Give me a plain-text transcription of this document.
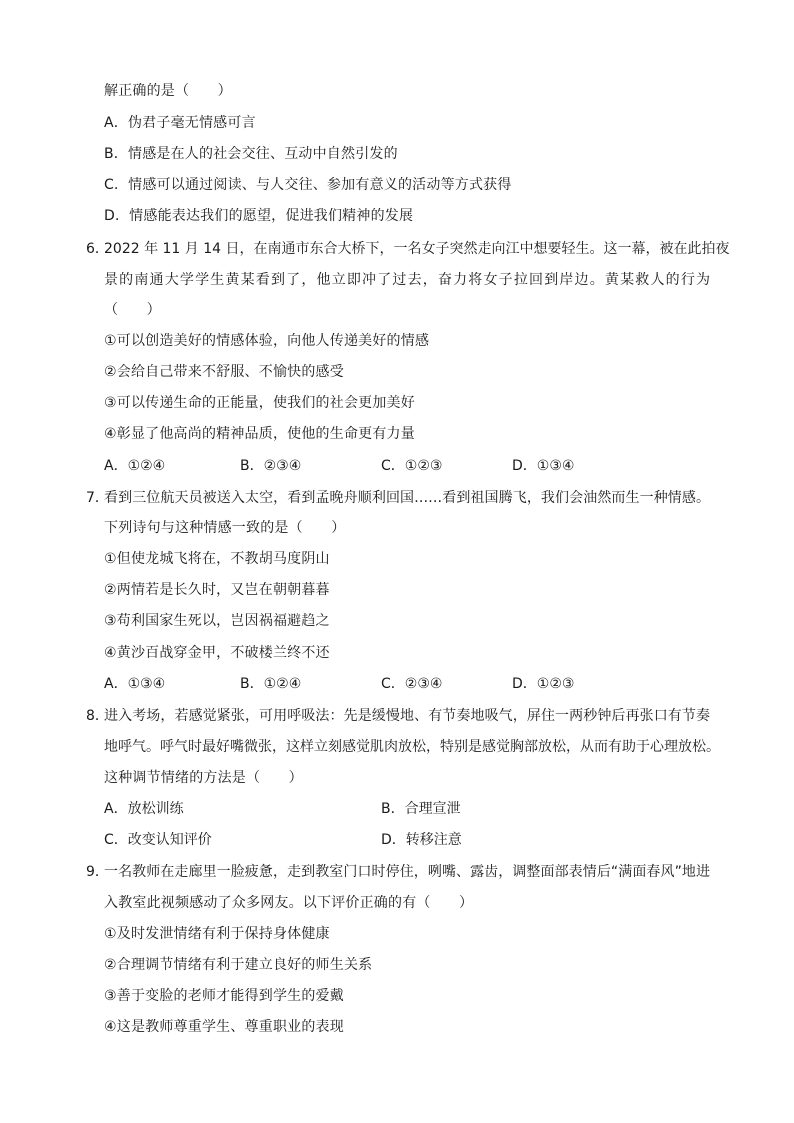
解正确的是（　　）
A．伪君子毫无情感可言
B．情感是在人的社会交往、互动中自然引发的
C．情感可以通过阅读、与人交往、参加有意义的活动等方式获得
D．情感能表达我们的愿望，促进我们精神的发展
6．
2022 年 11 月 14 日，在南通市东合大桥下，一名女子突然走向江中想要轻生。这一幕，被在此拍夜
景的南通大学学生黄某看到了，他立即冲了过去，奋力将女子拉回到岸边。黄某救人的行为
（　　）
①可以创造美好的情感体验，向他人传递美好的情感
②会给自己带来不舒服、不愉快的感受
③可以传递生命的正能量，使我们的社会更加美好
④彰显了他高尚的精神品质，使他的生命更有力量
A．①②④	B．②③④	C．①②③	D．①③④
7．
看到三位航天员被送入太空，看到孟晚舟顺利回国……看到祖国腾飞，我们会油然而生一种情感。
下列诗句与这种情感一致的是（　　）
①但使龙城飞将在，不教胡马度阴山
②两情若是长久时，又岂在朝朝暮暮
③苟利国家生死以，岂因祸福避趋之
④黄沙百战穿金甲，不破楼兰终不还
A．①③④	B．①②④	C．②③④	D．①②③
8．
进入考场，若感觉紧张，可用呼吸法：先是缓慢地、有节奏地吸气，屏住一两秒钟后再张口有节奏
地呼气。呼气时最好嘴微张，这样立刻感觉肌肉放松，特别是感觉胸部放松，从而有助于心理放松。
这种调节情绪的方法是（　　）
A．放松训练	B．合理宣泄
C．改变认知评价	D．转移注意
9．
一名教师在走廊里一脸疲惫，走到教室门口时停住，咧嘴、露齿，调整面部表情后“满面春风”地进
入教室此视频感动了众多网友。以下评价正确的有（　　）
①及时发泄情绪有利于保持身体健康
②合理调节情绪有利于建立良好的师生关系
③善于变脸的老师才能得到学生的爱戴
④这是教师尊重学生、尊重职业的表现
